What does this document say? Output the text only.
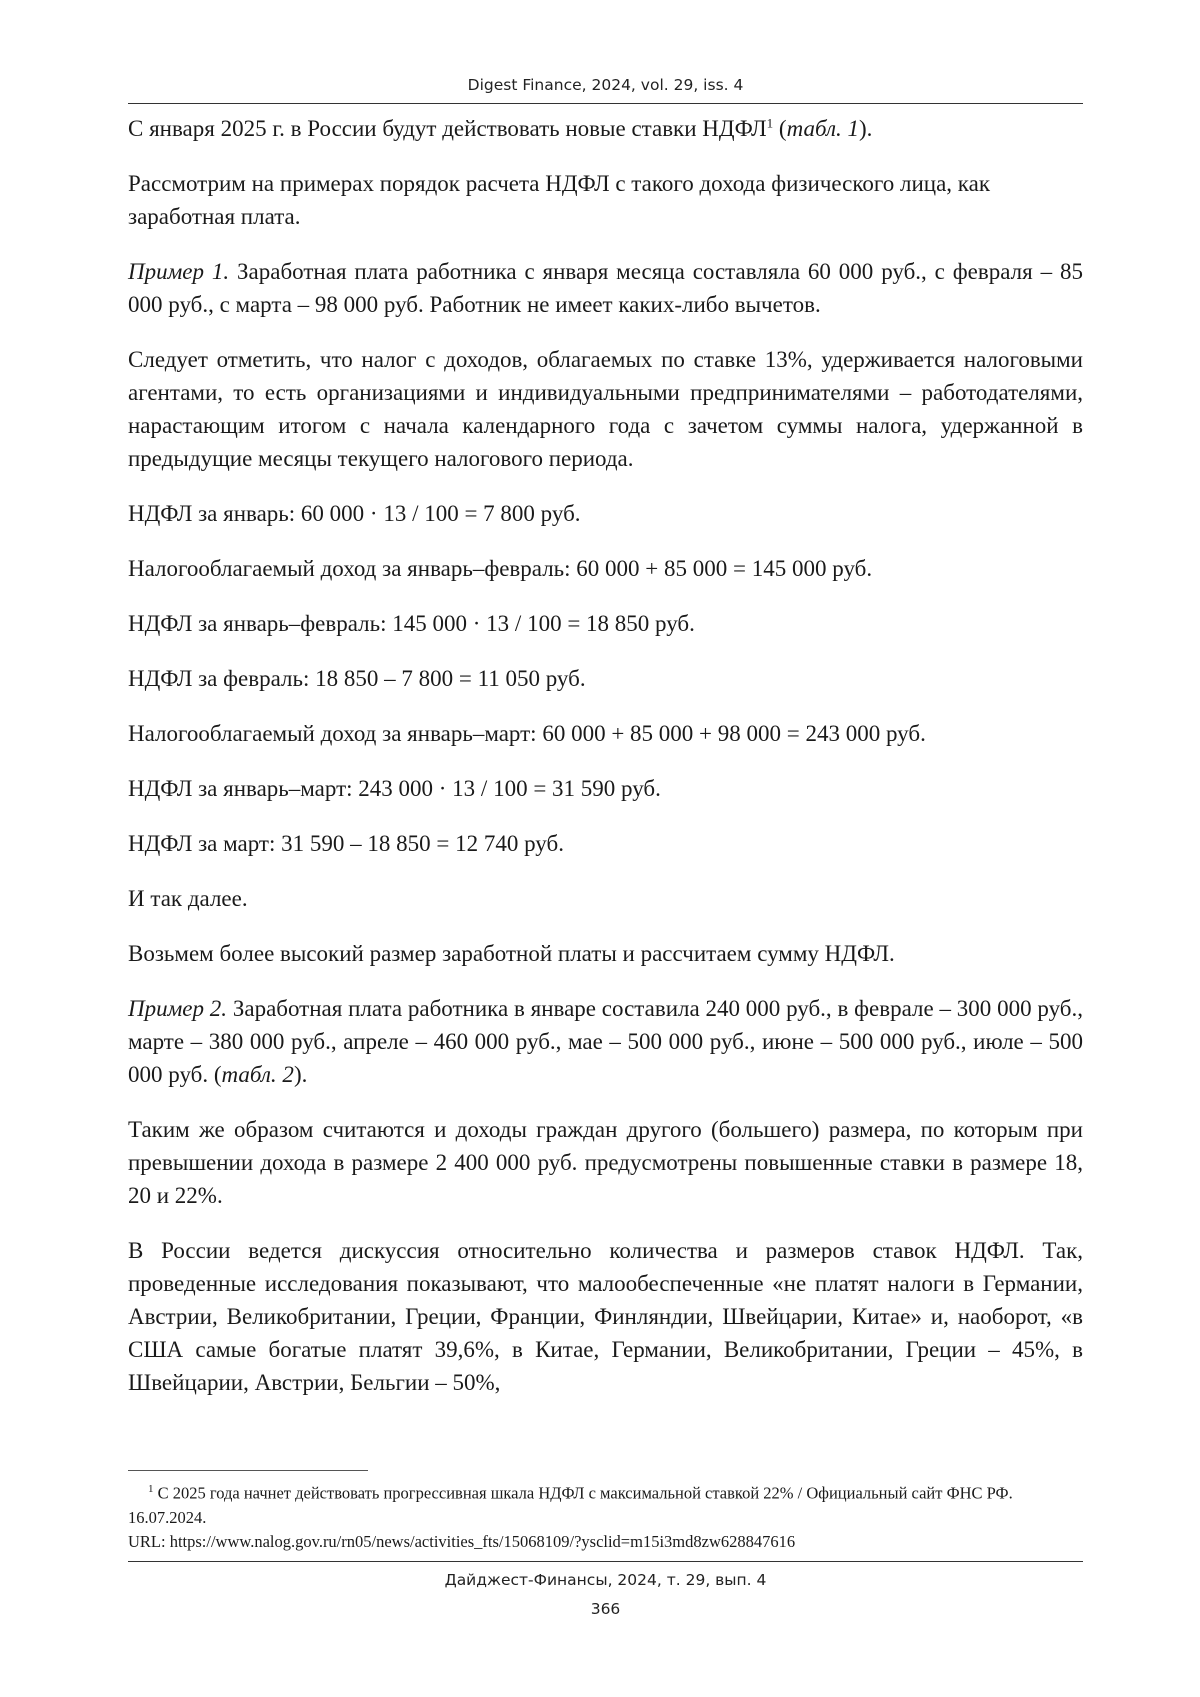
Digest Finance, 2024, vol. 29, iss. 4

С января 2025 г. в России будут действовать новые ставки НДФЛ$^1$ (табл. 1).

Рассмотрим на примерах порядок расчета НДФЛ с такого дохода физического лица, как заработная плата.

Пример 1. Заработная плата работника с января месяца составляла 60 000 руб., с февраля – 85 000 руб., с марта – 98 000 руб. Работник не имеет каких-либо вычетов.

Следует отметить, что налог с доходов, облагаемых по ставке 13%, удерживается налоговыми агентами, то есть организациями и индивидуальными предпринимателями – работодателями, нарастающим итогом с начала календарного года с зачетом суммы налога, удержанной в предыдущие месяцы текущего налогового периода.

НДФЛ за январь: 60 000 · 13 / 100 = 7 800 руб.

Налогооблагаемый доход за январь–февраль: 60 000 + 85 000 = 145 000 руб.

НДФЛ за январь–февраль: 145 000 · 13 / 100 = 18 850 руб.

НДФЛ за февраль: 18 850 – 7 800 = 11 050 руб.

Налогооблагаемый доход за январь–март: 60 000 + 85 000 + 98 000 = 243 000 руб.

НДФЛ за январь–март: 243 000 · 13 / 100 = 31 590 руб.

НДФЛ за март: 31 590 – 18 850 = 12 740 руб.

И так далее.

Возьмем более высокий размер заработной платы и рассчитаем сумму НДФЛ.

Пример 2. Заработная плата работника в январе составила 240 000 руб., в феврале – 300 000 руб., марте – 380 000 руб., апреле – 460 000 руб., мае – 500 000 руб., июне – 500 000 руб., июле – 500 000 руб. (табл. 2).

Таким же образом считаются и доходы граждан другого (большего) размера, по которым при превышении дохода в размере 2 400 000 руб. предусмотрены повышенные ставки в размере 18, 20 и 22%.

В России ведется дискуссия относительно количества и размеров ставок НДФЛ. Так, проведенные исследования показывают, что малообеспеченные «не платят налоги в Германии, Австрии, Великобритании, Греции, Франции, Финляндии, Швейцарии, Китае» и, наоборот, «в США самые богатые платят 39,6%, в Китае, Германии, Великобритании, Греции – 45%, в Швейцарии, Австрии, Бельгии – 50%,

$^1$ С 2025 года начнет действовать прогрессивная шкала НДФЛ с максимальной ставкой 22% / Официальный сайт ФНС РФ. 16.07.2024.

URL: https://www.nalog.gov.ru/rn05/news/activities_fts/15068109/?ysclid=m15i3md8zw628847616

Дайджест-Финансы, 2024, т. 29, вып. 4
366
